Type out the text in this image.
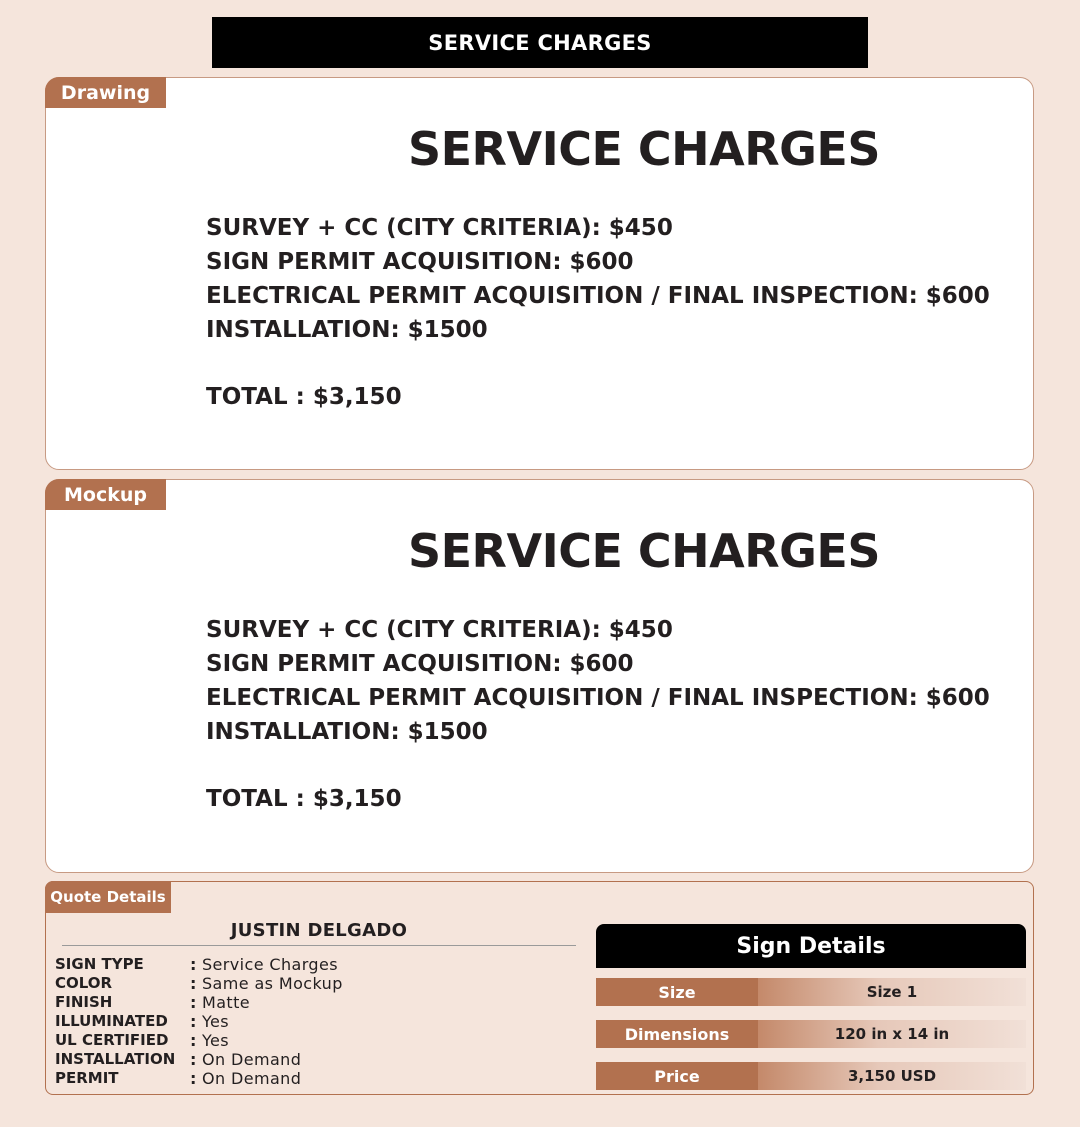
SERVICE CHARGES
Drawing
SERVICE CHARGES
SURVEY + CC (CITY CRITERIA): $450
SIGN PERMIT ACQUISITION: $600
ELECTRICAL PERMIT ACQUISITION / FINAL INSPECTION: $600
INSTALLATION: $1500
TOTAL : $3,150
Mockup
SERVICE CHARGES
SURVEY + CC (CITY CRITERIA): $450
SIGN PERMIT ACQUISITION: $600
ELECTRICAL PERMIT ACQUISITION / FINAL INSPECTION: $600
INSTALLATION: $1500
TOTAL : $3,150
Quote Details
JUSTIN DELGADO
SIGN TYPE	: Service Charges
COLOR	: Same as Mockup
FINISH	: Matte
ILLUMINATED	: Yes
UL CERTIFIED	: Yes
INSTALLATION : On Demand
PERMIT	: On Demand
Sign Details
Size	Size 1
Dimensions	120 in x 14 in
Price	3,150 USD
